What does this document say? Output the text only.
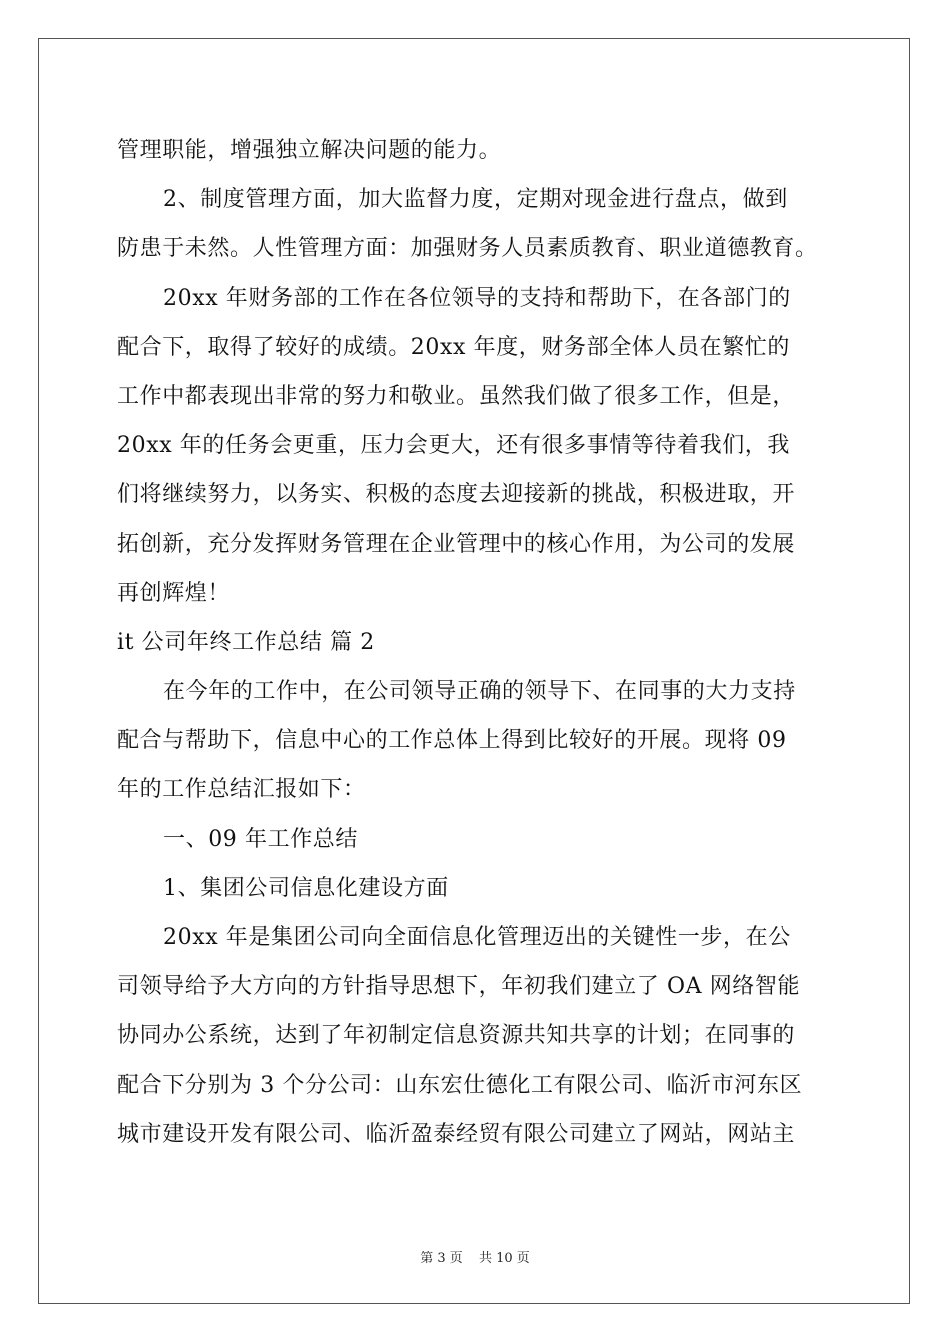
管理职能，增强独立解决问题的能力。
2、制度管理方面，加大监督力度，定期对现金进行盘点，做到
防患于未然。人性管理方面：加强财务人员素质教育、职业道德教育。
20xx 年财务部的工作在各位领导的支持和帮助下，在各部门的
配合下，取得了较好的成绩。20xx 年度，财务部全体人员在繁忙的
工作中都表现出非常的努力和敬业。虽然我们做了很多工作，但是，
20xx 年的任务会更重，压力会更大，还有很多事情等待着我们，我
们将继续努力，以务实、积极的态度去迎接新的挑战，积极进取，开
拓创新，充分发挥财务管理在企业管理中的核心作用，为公司的发展
再创辉煌！
it 公司年终工作总结 篇 2
在今年的工作中，在公司领导正确的领导下、在同事的大力支持
配合与帮助下，信息中心的工作总体上得到比较好的开展。现将 09
年的工作总结汇报如下：
一、09 年工作总结
1、集团公司信息化建设方面
20xx 年是集团公司向全面信息化管理迈出的关键性一步，在公
司领导给予大方向的方针指导思想下，年初我们建立了 OA 网络智能
协同办公系统，达到了年初制定信息资源共知共享的计划；在同事的
配合下分别为 3 个分公司：山东宏仕德化工有限公司、临沂市河东区
城市建设开发有限公司、临沂盈泰经贸有限公司建立了网站，网站主
第 3 页 共 10 页
